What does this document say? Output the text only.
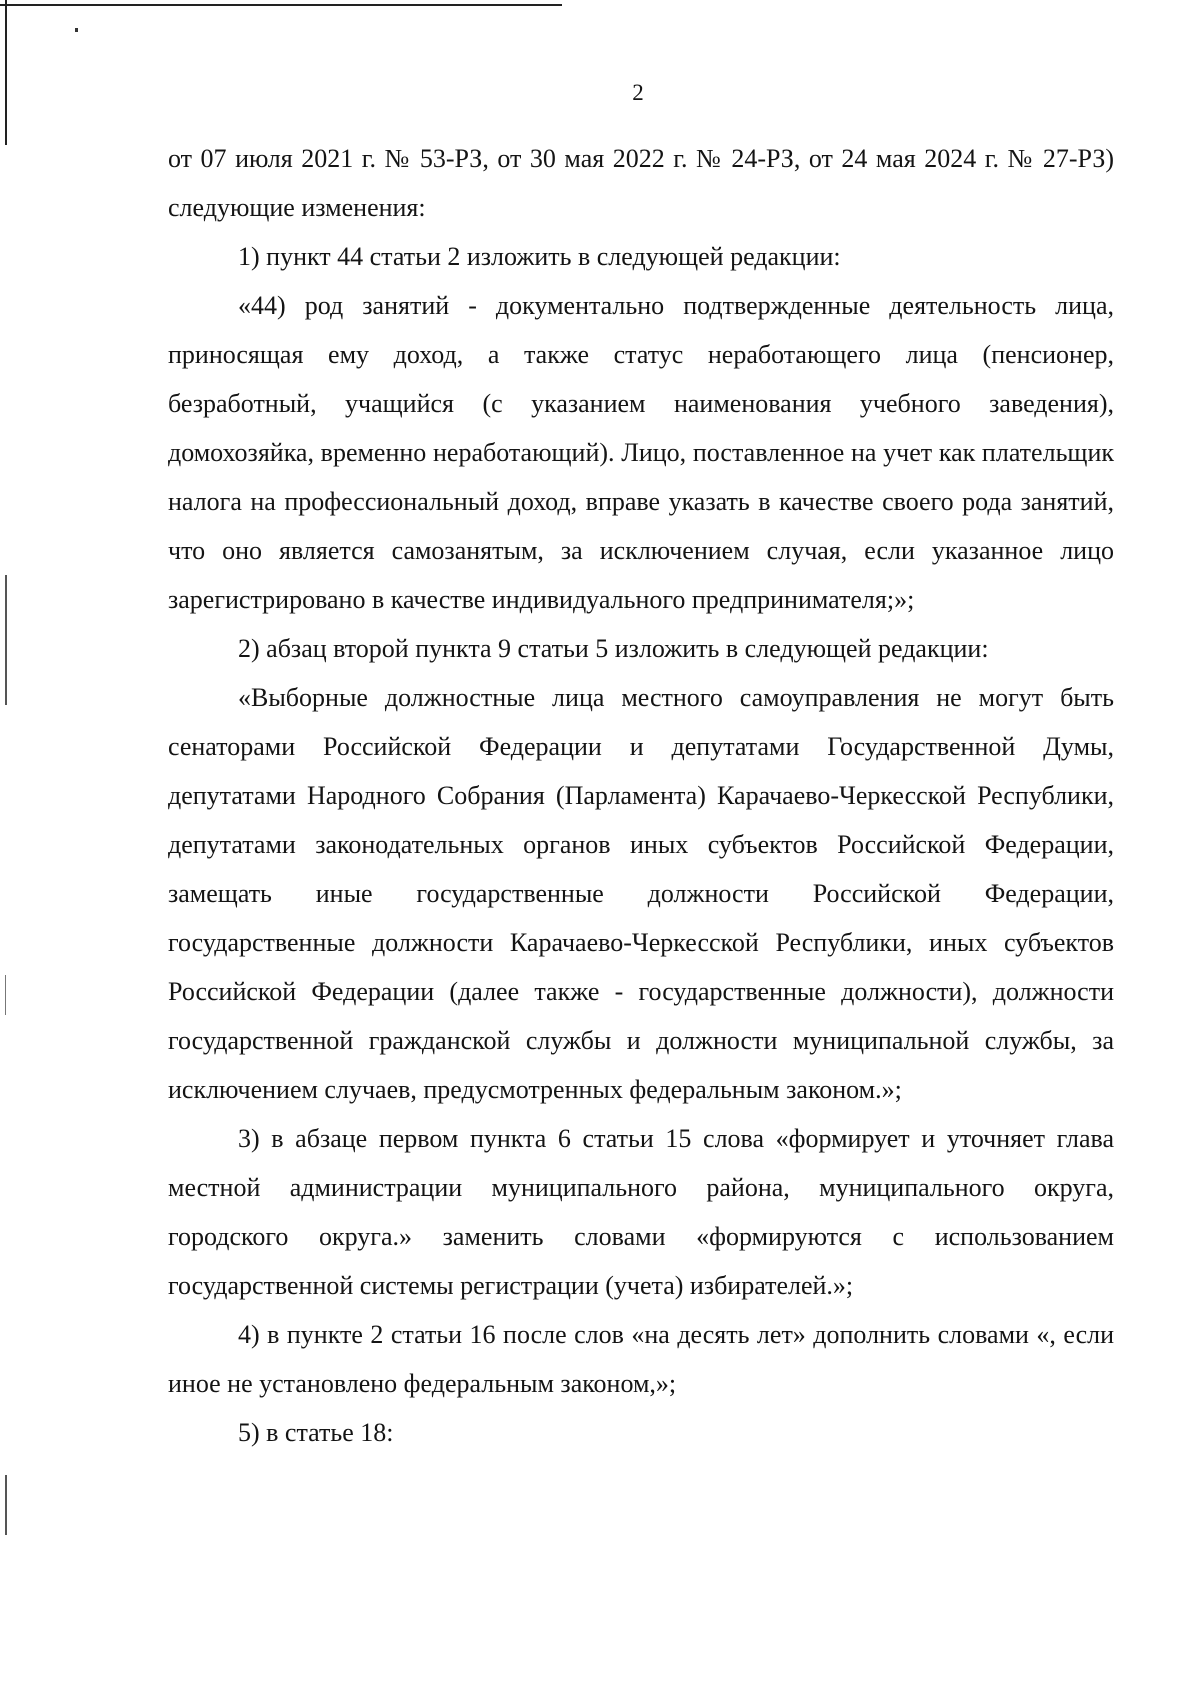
2

от 07 июля 2021 г. № 53-РЗ, от 30 мая 2022 г. № 24-РЗ, от 24 мая 2024 г. № 27-РЗ) следующие изменения:

1) пункт 44 статьи 2 изложить в следующей редакции:

«44) род занятий - документально подтвержденные деятельность лица, приносящая ему доход, а также статус неработающего лица (пенсионер, безработный, учащийся (с указанием наименования учебного заведения), домохозяйка, временно неработающий). Лицо, поставленное на учет как плательщик налога на профессиональный доход, вправе указать в качестве своего рода занятий, что оно является самозанятым, за исключением случая, если указанное лицо зарегистрировано в качестве индивидуального предпринимателя;»;

2) абзац второй пункта 9 статьи 5 изложить в следующей редакции:

«Выборные должностные лица местного самоуправления не могут быть сенаторами Российской Федерации и депутатами Государственной Думы, депутатами Народного Собрания (Парламента) Карачаево-Черкесской Республики, депутатами законодательных органов иных субъектов Российской Федерации, замещать иные государственные должности Российской Федерации, государственные должности Карачаево-Черкесской Республики, иных субъектов Российской Федерации (далее также - государственные должности), должности государственной гражданской службы и должности муниципальной службы, за исключением случаев, предусмотренных федеральным законом.»;

3) в абзаце первом пункта 6 статьи 15 слова «формирует и уточняет глава местной администрации муниципального района, муниципального округа, городского округа.» заменить словами «формируются с использованием государственной системы регистрации (учета) избирателей.»;

4) в пункте 2 статьи 16 после слов «на десять лет» дополнить словами «, если иное не установлено федеральным законом,»;

5) в статье 18:
